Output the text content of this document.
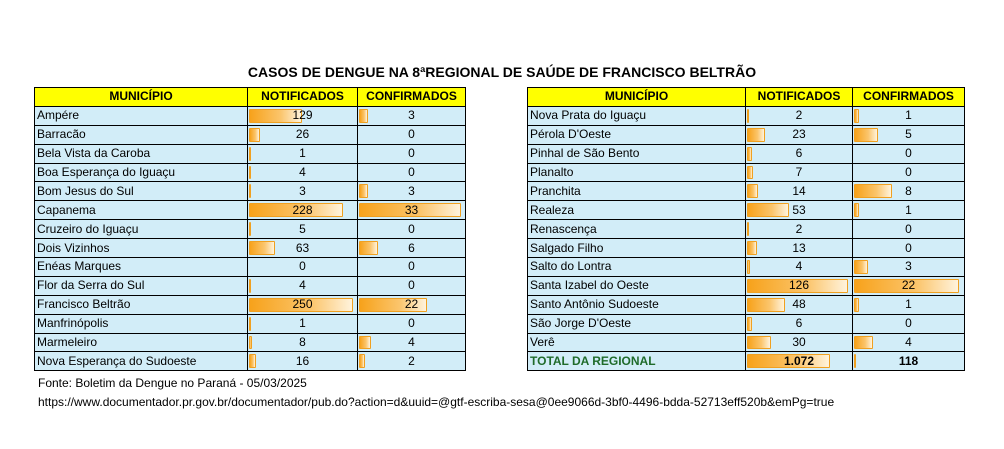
CASOS DE DENGUE NA 8ªREGIONAL DE SAÚDE DE FRANCISCO BELTRÃO
MUNICÍPIO	NOTIFICADOS	CONFIRMADOS
Ampére	129	3
Barracão	26	0
Bela Vista da Caroba	1	0
Boa Esperança do Iguaçu	4	0
Bom Jesus do Sul	3	3
Capanema	228	33
Cruzeiro do Iguaçu	5	0
Dois Vizinhos	63	6
Enéas Marques	0	0
Flor da Serra do Sul	4	0
Francisco Beltrão	250	22
Manfrinópolis	1	0
Marmeleiro	8	4
Nova Esperança do Sudoeste	16	2
MUNICÍPIO	NOTIFICADOS	CONFIRMADOS
Nova Prata do Iguaçu	2	1
Pérola D'Oeste	23	5
Pinhal de São Bento	6	0
Planalto	7	0
Pranchita	14	8
Realeza	53	1
Renascença	2	0
Salgado Filho	13	0
Salto do Lontra	4	3
Santa Izabel do Oeste	126	22
Santo Antônio Sudoeste	48	1
São Jorge D'Oeste	6	0
Verê	30	4
TOTAL DA REGIONAL	1.072	118
Fonte: Boletim da Dengue no Paraná - 05/03/2025
https://www.documentador.pr.gov.br/documentador/pub.do?action=d&uuid=@gtf-escriba-sesa@0ee9066d-3bf0-4496-bdda-52713eff520b&emPg=true
